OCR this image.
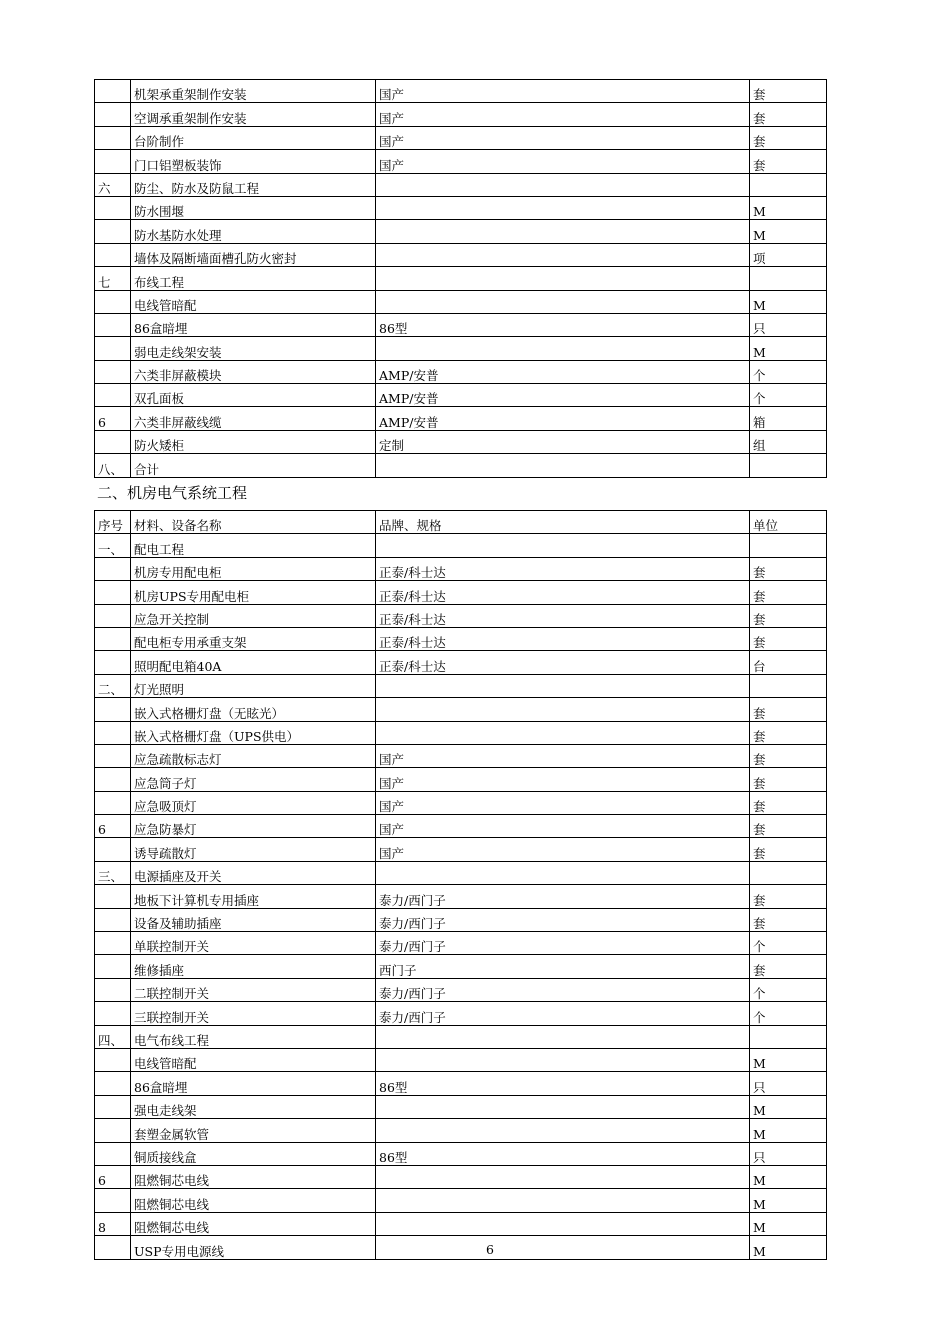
	机架承重架制作安装	国产	套
	空调承重架制作安装	国产	套
	台阶制作	国产	套
	门口铝塑板装饰	国产	套
六	防尘、防水及防鼠工程		
	防水围堰		M
	防水基防水处理		M
	墙体及隔断墙面槽孔防火密封		项
七	布线工程		
	电线管暗配		M
	86盒暗埋	86型	只
	弱电走线架安装		M
	六类非屏蔽模块	AMP/安普	个
	双孔面板	AMP/安普	个
6	六类非屏蔽线缆	AMP/安普	箱
	防火矮柜	定制	组
八、	合计		
二、机房电气系统工程
序号	材料、设备名称	品牌、规格	单位
一、	配电工程		
	机房专用配电柜	正泰/科士达	套
	机房UPS专用配电柜	正泰/科士达	套
	应急开关控制	正泰/科士达	套
	配电柜专用承重支架	正泰/科士达	套
	照明配电箱40A	正泰/科士达	台
二、	灯光照明		
	嵌入式格栅灯盘（无眩光）		套
	嵌入式格栅灯盘（UPS供电）		套
	应急疏散标志灯	国产	套
	应急筒子灯	国产	套
	应急吸顶灯	国产	套
6	应急防暴灯	国产	套
	诱导疏散灯	国产	套
三、	电源插座及开关		
	地板下计算机专用插座	泰力/西门子	套
	设备及辅助插座	泰力/西门子	套
	单联控制开关	泰力/西门子	个
	维修插座	西门子	套
	二联控制开关	泰力/西门子	个
	三联控制开关	泰力/西门子	个
四、	电气布线工程		
	电线管暗配		M
	86盒暗埋	86型	只
	强电走线架		M
	套塑金属软管		M
	铜质接线盒	86型	只
6	阻燃铜芯电线		M
	阻燃铜芯电线		M
8	阻燃铜芯电线		M
	USP专用电源线		M
6
